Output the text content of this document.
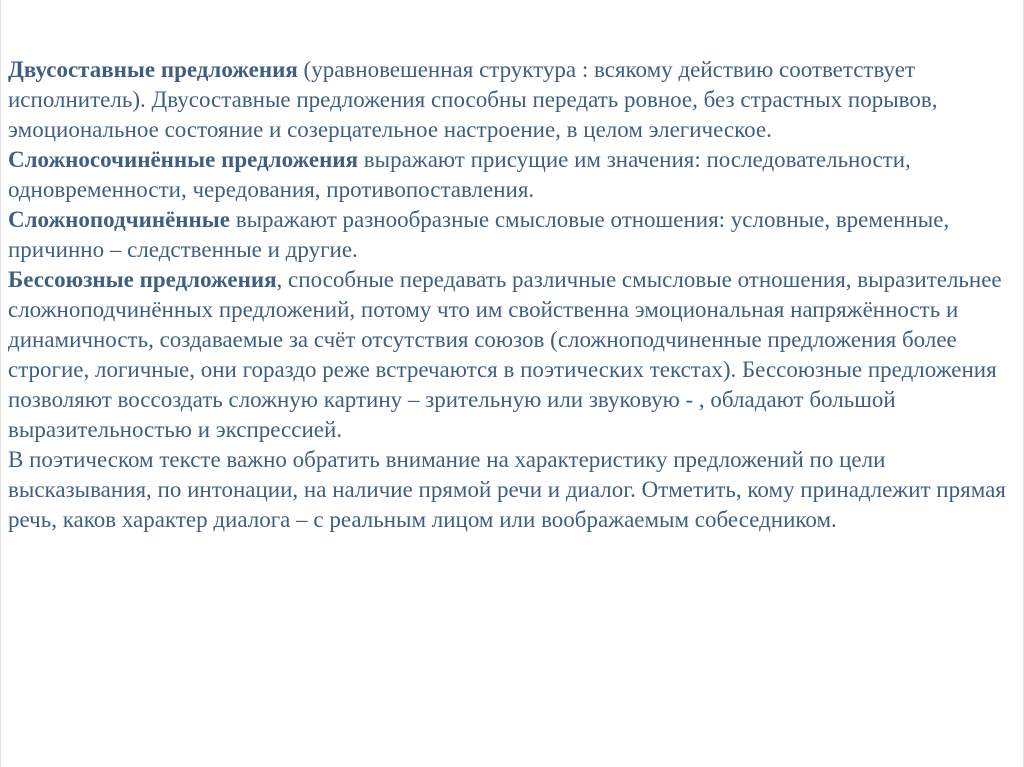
Двусоставные предложения (уравновешенная структура : всякому действию соответствует исполнитель). Двусоставные предложения способны передать ровное, без страстных порывов, эмоциональное состояние и созерцательное настроение, в целом элегическое.

Сложносочинённые предложения выражают присущие им значения: последовательности, одновременности, чередования, противопоставления.

Сложноподчинённые выражают разнообразные смысловые отношения: условные, временные, причинно – следственные и другие.

Бессоюзные предложения, способные передавать различные смысловые отношения, выразительнее сложноподчинённых предложений, потому что им свойственна эмоциональная напряжённость и динамичность, создаваемые за счёт отсутствия союзов (сложноподчиненные предложения более строгие, логичные, они гораздо реже встречаются в поэтических текстах). Бессоюзные предложения позволяют воссоздать сложную картину – зрительную или звуковую - , обладают большой выразительностью и экспрессией.

В поэтическом тексте важно обратить внимание на характеристику предложений по цели высказывания, по интонации, на наличие прямой речи и диалог. Отметить, кому принадлежит прямая речь, каков характер диалога – с реальным лицом или воображаемым собеседником.
